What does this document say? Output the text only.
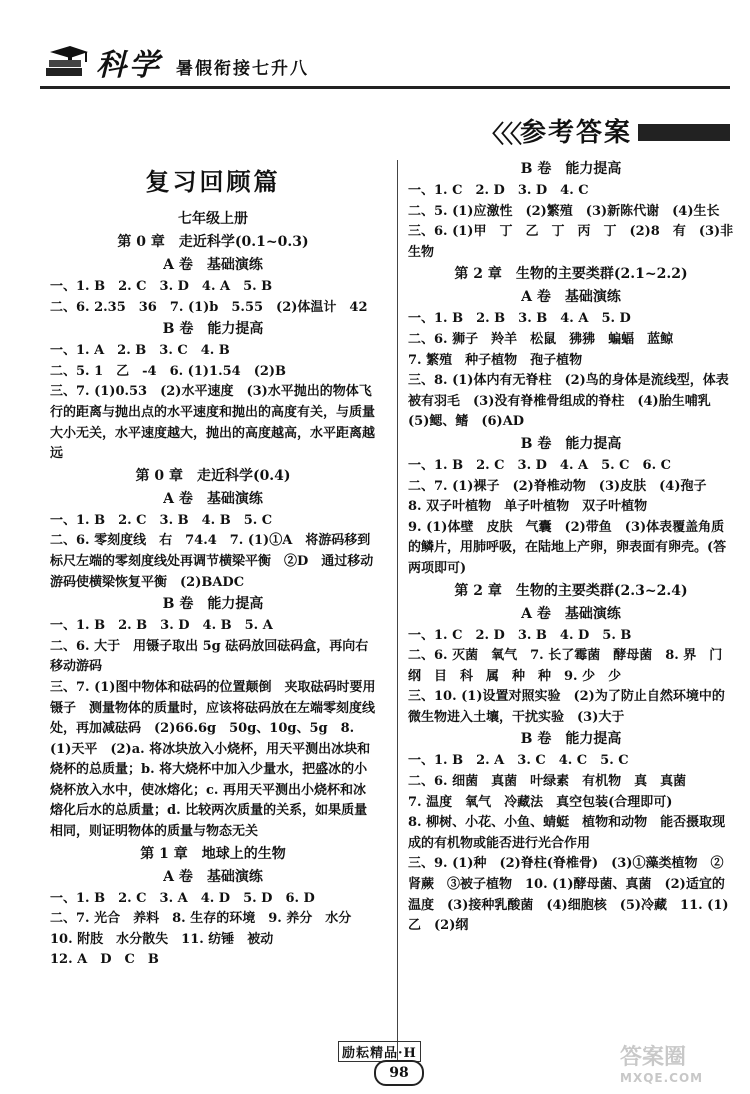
科学 暑假衔接七升八
〈〈〈 参考答案
复习回顾篇
七年级上册
第 0 章　走近科学(0.1~0.3)
A 卷　基础演练
一、1. B　2. C　3. D　4. A　5. B
二、6. 2.35　36　7. (1)b　5.55　(2)体温计　42
B 卷　能力提高
一、1. A　2. B　3. C　4. B
二、5. 1　乙　-4　6. (1)1.54　(2)B
三、7. (1)0.53　(2)水平速度　(3)水平抛出的物体飞行的距离与抛出点的水平速度和抛出的高度有关，与质量大小无关，水平速度越大，抛出的高度越高，水平距离越远
第 0 章　走近科学(0.4)
A 卷　基础演练
一、1. B　2. C　3. B　4. B　5. C
二、6. 零刻度线　右　74.4　7. (1)①A　将游码移到标尺左端的零刻度线处再调节横梁平衡　②D　通过移动游码使横梁恢复平衡　(2)BADC
B 卷　能力提高
一、1. B　2. B　3. D　4. B　5. A
二、6. 大于　用镊子取出 5g 砝码放回砝码盒，再向右移动游码
三、7. (1)图中物体和砝码的位置颠倒　夹取砝码时要用镊子　测量物体的质量时，应该将砝码放在左端零刻度线处，再加减砝码　(2)66.6g　50g、10g、5g　8. (1)天平　(2)a. 将冰块放入小烧杯，用天平测出冰块和烧杯的总质量；b. 将大烧杯中加入少量水，把盛冰的小烧杯放入水中，使冰熔化；c. 再用天平测出小烧杯和冰熔化后水的总质量；d. 比较两次质量的关系，如果质量相同，则证明物体的质量与物态无关
第 1 章　地球上的生物
A 卷　基础演练
一、1. B　2. C　3. A　4. D　5. D　6. D
二、7. 光合　养料　8. 生存的环境　9. 养分　水分　10. 附肢　水分散失　11. 纺锤　被动
12. A　D　C　B
B 卷　能力提高
一、1. C　2. D　3. D　4. C
二、5. (1)应激性　(2)繁殖　(3)新陈代谢　(4)生长
三、6. (1)甲　丁　乙　丁　丙　丁　(2)8　有　(3)非生物
第 2 章　生物的主要类群(2.1~2.2)
A 卷　基础演练
一、1. B　2. B　3. B　4. A　5. D
二、6. 狮子　羚羊　松鼠　狒狒　蝙蝠　蓝鲸
7. 繁殖　种子植物　孢子植物
三、8. (1)体内有无脊柱　(2)鸟的身体是流线型，体表被有羽毛　(3)没有脊椎骨组成的脊柱　(4)胎生哺乳　(5)鳃、鳍　(6)AD
B 卷　能力提高
一、1. B　2. C　3. D　4. A　5. C　6. C
二、7. (1)裸子　(2)脊椎动物　(3)皮肤　(4)孢子
8. 双子叶植物　单子叶植物　双子叶植物
9. (1)体壁　皮肤　气囊　(2)带鱼　(3)体表覆盖角质的鳞片，用肺呼吸，在陆地上产卵，卵表面有卵壳。(答两项即可)
第 2 章　生物的主要类群(2.3~2.4)
A 卷　基础演练
一、1. C　2. D　3. B　4. D　5. B
二、6. 灭菌　氧气　7. 长了霉菌　酵母菌　8. 界　门　纲　目　科　属　种　种　9. 少　少
三、10. (1)设置对照实验　(2)为了防止自然环境中的微生物进入土壤，干扰实验　(3)大于
B 卷　能力提高
一、1. B　2. A　3. C　4. C　5. C
二、6. 细菌　真菌　叶绿素　有机物　真　真菌
7. 温度　氧气　冷藏法　真空包装(合理即可)
8. 柳树、小花、小鱼、蜻蜓　植物和动物　能否摄取现成的有机物或能否进行光合作用
三、9. (1)种　(2)脊柱(脊椎骨)　(3)①藻类植物　②肾蕨　③被子植物　10. (1)酵母菌、真菌　(2)适宜的温度　(3)接种乳酸菌　(4)细胞核　(5)冷藏　11. (1)乙　(2)纲
励耘精品·H
98
答案圈
MXQE.COM
